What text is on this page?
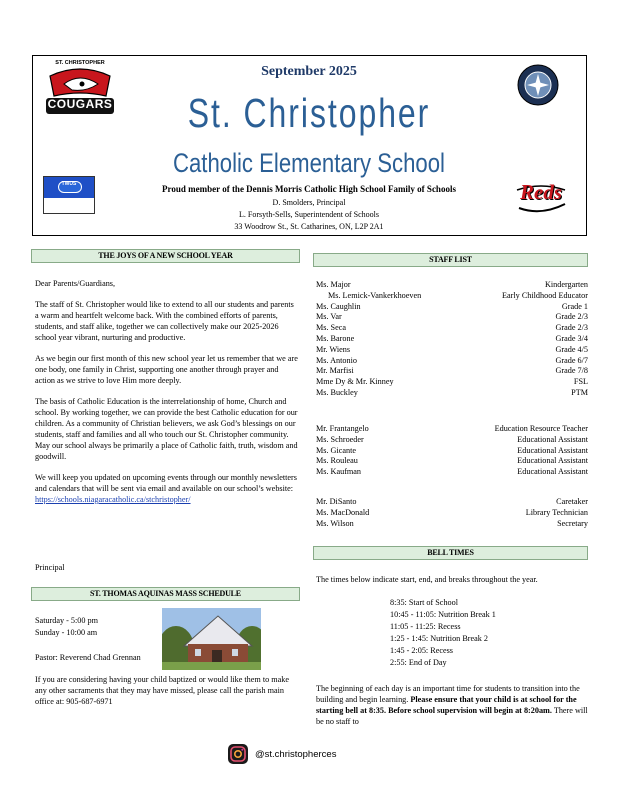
ST. CHRISTOPHER
COUGARS
September 2025
St. Christopher
Catholic Elementary School
TWUS	Reds
Proud member of the Dennis Morris Catholic High School Family of Schools
D. Smolders, Principal
L. Forsyth-Sells, Superintendent of Schools
33 Woodrow St., St. Catharines, ON, L2P 2A1
THE JOYS OF A NEW SCHOOL YEAR

Dear Parents/Guardians,

The staff of St. Christopher would like to extend to all our students and parents a warm and heartfelt welcome back. With the combined efforts of parents, students, and staff alike, together we can collectively make our 2025-2026 school year vibrant, nurturing and productive.

As we begin our first month of this new school year let us remember that we are one body, one family in Christ, supporting one another through prayer and action as we strive to love Him more deeply.

The basis of Catholic Education is the interrelationship of home, Church and school. By working together, we can provide the best Catholic education for our children. As a community of Christian believers, we ask God’s blessings on our students, staff and families and all who touch our St. Christopher community. May our school always be primarily a place of Catholic faith, truth, wisdom and goodwill.

We will keep you updated on upcoming events through our monthly newsletters and calendars that will be sent via email and available on our school’s website: https://schools.niagaracatholic.ca/stchristopher/

Principal
ST. THOMAS AQUINAS MASS SCHEDULE
Saturday - 5:00 pm
Sunday - 10:00 am
Pastor: Reverend Chad Grennan
If you are considering having your child baptized or would like them to make any other sacraments that they may have missed, please call the parish main office at: 905-687-6971
STAFF LIST
Ms. Major	Kindergarten
Ms. Lemick-Vankerkhoeven	Early Childhood Educator
Ms. Caughlin	Grade 1
Ms. Var	Grade 2/3
Ms. Seca	Grade 2/3
Ms. Barone	Grade 3/4
Mr. Wiens	Grade 4/5
Ms. Antonio	Grade 6/7
Mr. Marfisi	Grade 7/8
Mme Dy & Mr. Kinney	FSL
Ms. Buckley	PTM
Mr. Frantangelo	Education Resource Teacher
Ms. Schroeder	Educational Assistant
Ms. Gicante	Educational Assistant
Ms. Rouleau	Educational Assistant
Ms. Kaufman	Educational Assistant
Mr. DiSanto	Caretaker
Ms. MacDonald	Library Technician
Ms. Wilson	Secretary
BELL TIMES
The times below indicate start, end, and breaks throughout the year.
8:35: Start of School
10:45 - 11:05: Nutrition Break 1
11:05 - 11:25: Recess
1:25 - 1:45: Nutrition Break 2
1:45 - 2:05: Recess
2:55: End of Day
The beginning of each day is an important time for students to transition into the building and begin learning. Please ensure that your child is at school for the starting bell at 8:35. Before school supervision will begin at 8:20am. There will be no staff to
@st.christopherces
